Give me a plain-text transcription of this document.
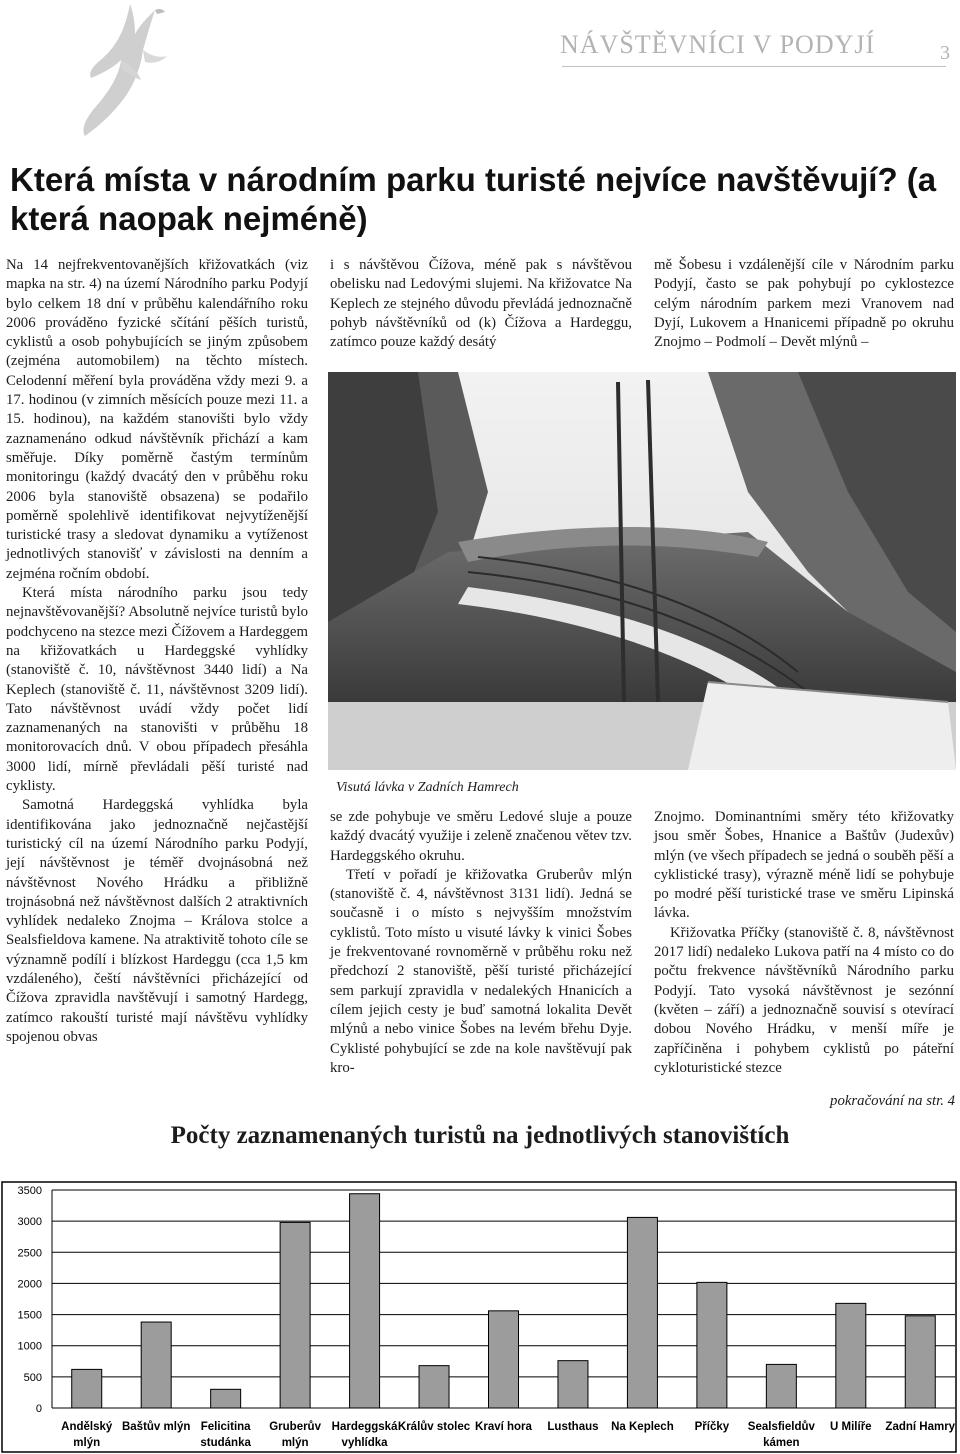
NÁVŠTĚVNÍCI V PODYJÍ	3
Která místa v národním parku turisté nejvíce navštěvují? (a která naopak nejméně)

Na 14 nejfrekventovanějších křižovatkách (viz mapka na str. 4) na území Národního parku Podyjí bylo celkem 18 dní v průběhu kalendářního roku 2006 prováděno fyzické sčítání pěších turistů, cyklistů a osob pohybujících se jiným způsobem (zejména automobilem) na těchto místech. Celodenní měření byla prováděna vždy mezi 9. a 17. hodinou (v zimních měsících pouze mezi 11. a 15. hodinou), na každém stanovišti bylo vždy zaznamenáno odkud návštěvník přichází a kam směřuje. Díky poměrně častým termínům monitoringu (každý dvacátý den v průběhu roku 2006 byla stanoviště obsazena) se podařilo poměrně spolehlivě identifikovat nejvytíženější turistické trasy a sledovat dynamiku a vytíženost jednotlivých stanovišť v závislosti na denním a zejména ročním období.

Která místa národního parku jsou tedy nejnavštěvovanější? Absolutně nejvíce turistů bylo podchyceno na stezce mezi Čížovem a Hardeggem na křižovatkách u Hardeggské vyhlídky (stanoviště č. 10, návštěvnost 3440 lidí) a Na Keplech (stanoviště č. 11, návštěvnost 3209 lidí). Tato návštěvnost uvádí vždy počet lidí zaznamenaných na stanovišti v průběhu 18 monitorovacích dnů. V obou případech přesáhla 3000 lidí, mírně převládali pěší turisté nad cyklisty.

Samotná Hardeggská vyhlídka byla identifikována jako jednoznačně nejčastější turistický cíl na území Národního parku Podyjí, její návštěvnost je téměř dvojnásobná než návštěvnost Nového Hrádku a přibližně trojnásobná než návštěvnost dalších 2 atraktivních vyhlídek nedaleko Znojma – Králova stolce a Sealsfieldova kamene. Na atraktivitě tohoto cíle se významně podílí i blízkost Hardeggu (cca 1,5 km vzdáleného), čeští návštěvníci přicházející od Čížova zpravidla navštěvují i samotný Hardegg, zatímco rakouští turisté mají návštěvu vyhlídky spojenou obvas

i s návštěvou Čížova, méně pak s návštěvou obelisku nad Ledovými slujemi. Na křižovatce Na Keplech ze stejného důvodu převládá jednoznačně pohyb návštěvníků od (k) Čížova a Hardeggu, zatímco pouze každý desátý

mě Šobesu i vzdálenější cíle v Národním parku Podyjí, často se pak pohybují po cyklostezce celým národním parkem mezi Vranovem nad Dyjí, Lukovem a Hnanicemi případně po okruhu Znojmo – Podmolí – Devět mlýnů –

Visutá lávka v Zadních Hamrech

se zde pohybuje ve směru Ledové sluje a pouze každý dvacátý využije i zeleně značenou větev tzv. Hardeggského okruhu.

Třetí v pořadí je křižovatka Gruberův mlýn (stanoviště č. 4, návštěvnost 3131 lidí). Jedná se současně i o místo s nejvyšším množstvím cyklistů. Toto místo u visuté lávky k vinici Šobes je frekventované rovnoměrně v průběhu roku než předchozí 2 stanoviště, pěší turisté přicházející sem parkují zpravidla v nedalekých Hnanicích a cílem jejich cesty je buď samotná lokalita Devět mlýnů a nebo vinice Šobes na levém břehu Dyje. Cyklisté pohybující se zde na kole navštěvují pak kro-

Znojmo. Dominantními směry této křižovatky jsou směr Šobes, Hnanice a Baštův (Judexův) mlýn (ve všech případech se jedná o souběh pěší a cyklistické trasy), výrazně méně lidí se pohybuje po modré pěší turistické trase ve směru Lipinská lávka.

Křižovatka Příčky (stanoviště č. 8, návštěvnost 2017 lidí) nedaleko Lukova patří na 4 místo co do počtu frekvence návštěvníků Národního parku Podyjí. Tato vysoká návštěvnost je sezónní (květen – září) a jednoznačně souvisí s otevírací dobou Nového Hrádku, v menší míře je zapříčiněna i pohybem cyklistů po páteřní cykloturistické stezce

pokračování na str. 4
Počty zaznamenaných turistů na jednotlivých stanovištích
0
500
1000
1500
2000
2500
3000
3500
Andělský mlýn
Baštův mlýn Felicitina studánka
Gruberův mlýn
Hardeggská vyhlídka
Králův stolec Kraví hora Lusthaus Na Keplech Příčky Sealsfieldův kámen
U Milíře Zadní Hamry
